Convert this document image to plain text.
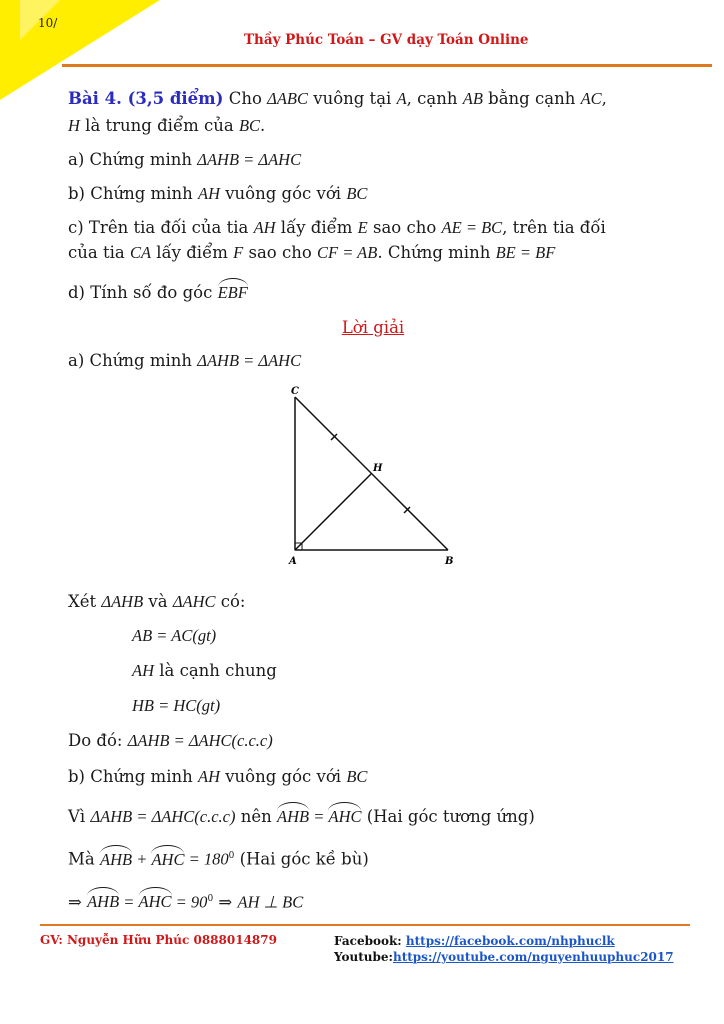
10/
Thầy Phúc Toán – GV dạy Toán Online

Bài 4. (3,5 điểm) Cho ΔABC vuông tại A, cạnh AB bằng cạnh AC,

H là trung điểm của BC.

a) Chứng minh ΔAHB = ΔAHC

b) Chứng minh AH vuông góc với BC

c) Trên tia đối của tia AH lấy điểm E sao cho AE = BC, trên tia đối

của tia CA lấy điểm F sao cho CF = AB. Chứng minh BE = BF

d) Tính số đo góc EBF

Lời giải

a) Chứng minh ΔAHB = ΔAHC

C
H
A	B

Xét ΔAHB và ΔAHC có:

AB = AC(gt)

AH là cạnh chung

HB = HC(gt)

Do đó: ΔAHB = ΔAHC(c.c.c)

b) Chứng minh AH vuông góc với BC

Vì ΔAHB = ΔAHC(c.c.c) nên AHB = AHC (Hai góc tương ứng)

Mà AHB + AHC = $180^0$ (Hai góc kề bù)

⇒ AHB = AHC = $90^0$ ⇒ AH ⊥ BC

GV: Nguyễn Hữu Phúc 0888014879	Facebook: https://facebook.com/nhphuclk
Youtube:https://youtube.com/nguyenhuuphuc2017
